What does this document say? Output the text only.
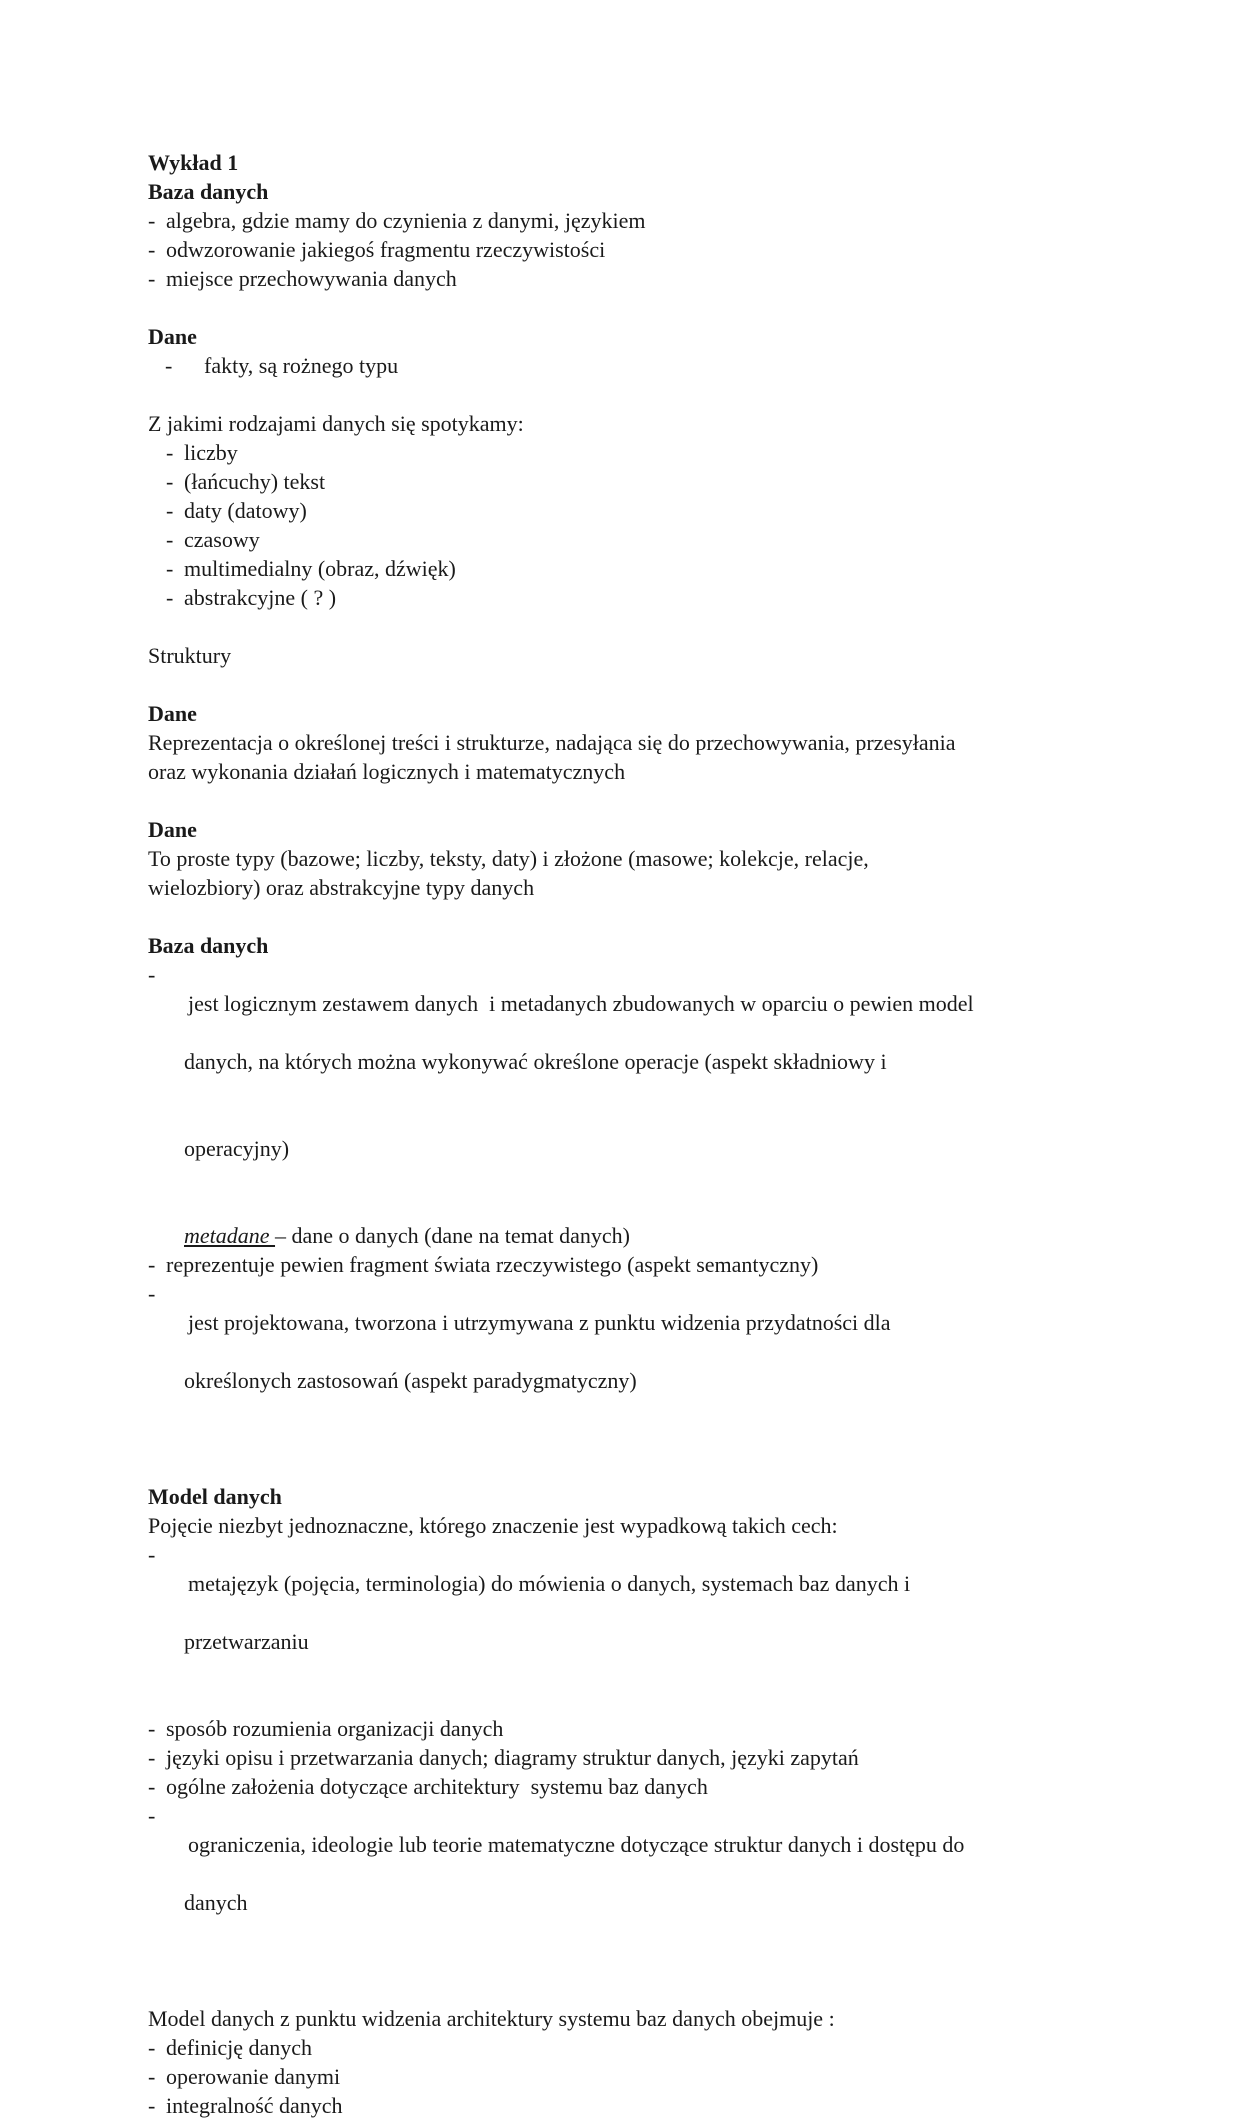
Wykład 1
Baza danych
- algebra, gdzie mamy do czynienia z danymi, językiem
- odwzorowanie jakiegoś fragmentu rzeczywistości
- miejsce przechowywania danych
Dane
- fakty, są rożnego typu
Z jakimi rodzajami danych się spotykamy:
- liczby
- (łańcuchy) tekst
- daty (datowy)
- czasowy
- multimedialny (obraz, dźwięk)
- abstrakcyjne ( ? )
Struktury
Dane
Reprezentacja o określonej treści i strukturze, nadająca się do przechowywania, przesyłania
oraz wykonania działań logicznych i matematycznych
Dane
To proste typy (bazowe; liczby, teksty, daty) i złożone (masowe; kolekcje, relacje,
wielozbiory) oraz abstrakcyjne typy danych
Baza danych

-
jest logicznym zestawem danych  i metadanych zbudowanych w oparciu o pewien model

danych, na których można wykonywać określone operacje (aspekt składniowy i

operacyjny)

metadane – dane o danych (dane na temat danych)
- reprezentuje pewien fragment świata rzeczywistego (aspekt semantyczny)

-
jest projektowana, tworzona i utrzymywana z punktu widzenia przydatności dla

określonych zastosowań (aspekt paradygmatyczny)

Model danych
Pojęcie niezbyt jednoznaczne, którego znaczenie jest wypadkową takich cech:

-
metajęzyk (pojęcia, terminologia) do mówienia o danych, systemach baz danych i

przetwarzaniu

- sposób rozumienia organizacji danych
- języki opisu i przetwarzania danych; diagramy struktur danych, języki zapytań
- ogólne założenia dotyczące architektury  systemu baz danych

-
ograniczenia, ideologie lub teorie matematyczne dotyczące struktur danych i dostępu do

danych

Model danych z punktu widzenia architektury systemu baz danych obejmuje :
- definicję danych
- operowanie danymi
- integralność danych
